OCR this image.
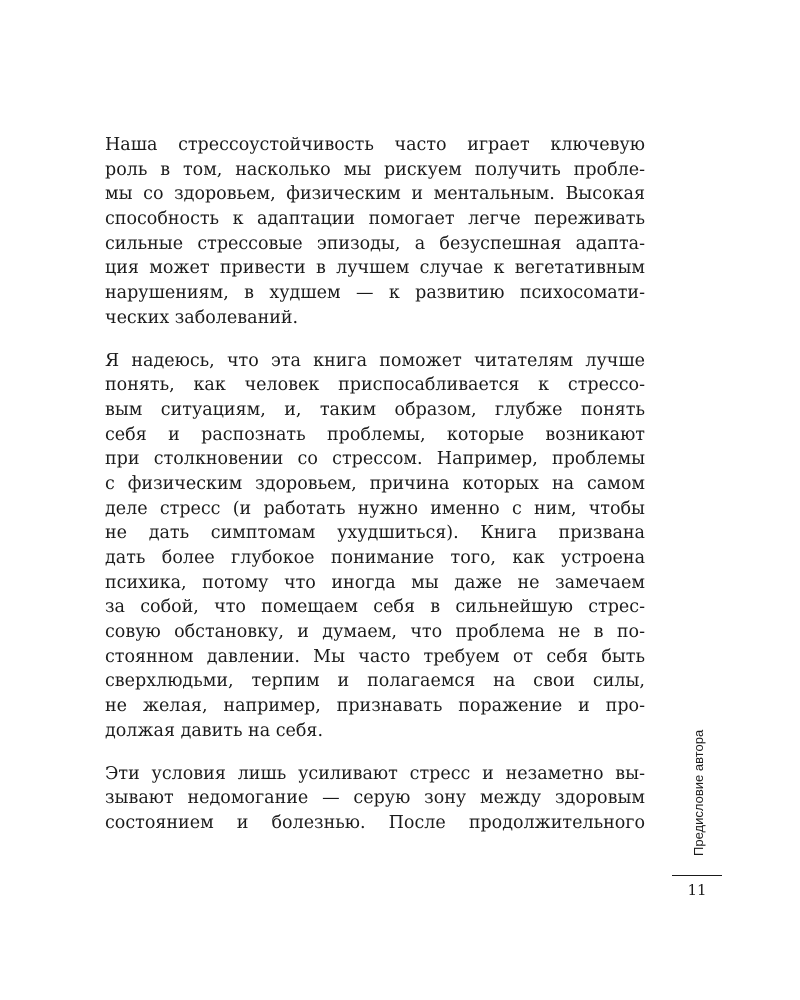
Наша стрессоустойчивость часто играет ключевую
роль в том, насколько мы рискуем получить пробле-
мы со здоровьем, физическим и ментальным. Высокая
способность к адаптации помогает легче переживать
сильные стрессовые эпизоды, а безуспешная адапта-
ция может привести в лучшем случае к вегетативным
нарушениям, в худшем — к развитию психосомати-
ческих заболеваний.

Я надеюсь, что эта книга поможет читателям лучше
понять, как человек приспосабливается к стрессо-
вым ситуациям, и, таким образом, глубже понять
себя и распознать проблемы, которые возникают
при столкновении со стрессом. Например, проблемы
с физическим здоровьем, причина которых на самом
деле стресс (и работать нужно именно с ним, чтобы
не дать симптомам ухудшиться). Книга призвана
дать более глубокое понимание того, как устроена
психика, потому что иногда мы даже не замечаем
за собой, что помещаем себя в сильнейшую стрес-
совую обстановку, и думаем, что проблема не в по-
стоянном давлении. Мы часто требуем от себя быть
сверхлюдьми, терпим и полагаемся на свои силы,
не желая, например, признавать поражение и про-
должая давить на себя.

Эти условия лишь усиливают стресс и незаметно вы-
зывают недомогание — серую зону между здоровым
состоянием и болезнью. После продолжительного	Предисловие автора
11
